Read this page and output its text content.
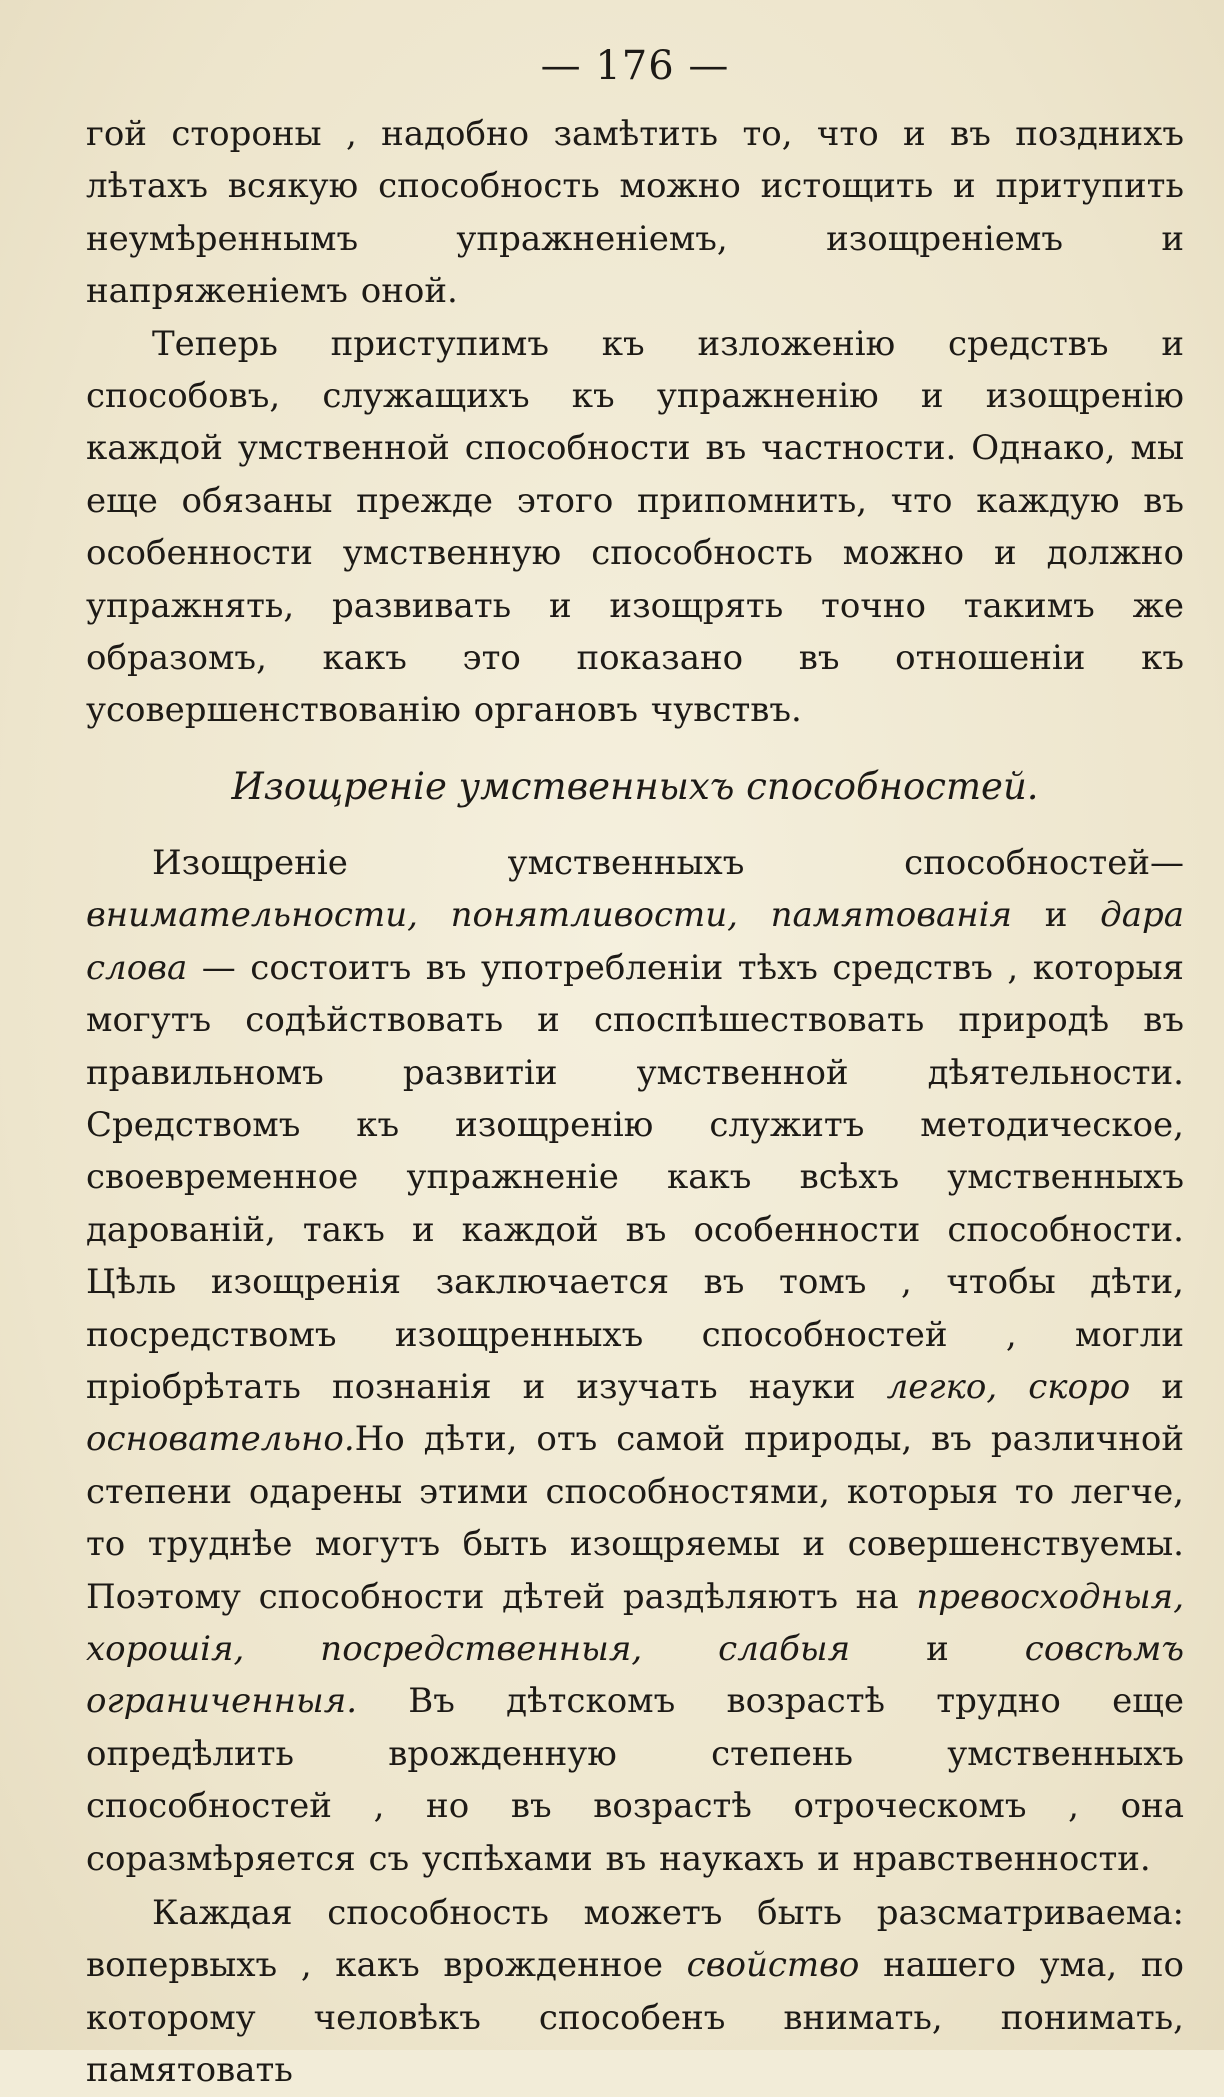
— 176 —

гой стороны , надобно замѣтить то, что и въ позднихъ лѣтахъ всякую способность можно истощить и притупить неумѣреннымъ упражненіемъ, изощреніемъ и напряженіемъ оной.

Теперь приступимъ къ изложенію средствъ и способовъ, служащихъ къ упражненію и изощренію каждой умственной способности въ частности. Однако, мы еще обязаны прежде этого припомнить, что каждую въ особенности умственную способность можно и должно упражнять, развивать и изощрять точно такимъ же образомъ, какъ это показано въ отношеніи къ усовершенствованію органовъ чувствъ.

Изощреніе умственныхъ способностей.

Изощреніе умственныхъ способностей—внимательности, понятливости, памятованія и дара слова — состоитъ въ употребленіи тѣхъ средствъ , которыя могутъ содѣйствовать и споспѣшествовать природѣ въ правильномъ развитіи умственной дѣятельности. Средствомъ къ изощренію служитъ методическое, своевременное упражненіе какъ всѣхъ умственныхъ дарованій, такъ и каждой въ особенности способности. Цѣль изощренія заключается въ томъ , чтобы дѣти, посредствомъ изощренныхъ способностей , могли пріобрѣтать познанія и изучать науки легко, скоро и основательно.Но дѣти, отъ самой природы, въ различной степени одарены этими способностями, которыя то легче, то труднѣе могутъ быть изощряемы и совершенствуемы. Поэтому способности дѣтей раздѣляютъ на превосходныя, хорошія, посредственныя, слабыя и совсѣмъ ограниченныя. Въ дѣтскомъ возрастѣ трудно еще опредѣлить врожденную степень умственныхъ способностей , но въ возрастѣ отроческомъ , она соразмѣряется съ успѣхами въ наукахъ и нравственности.

Каждая способность можетъ быть разсматриваема: вопервыхъ , какъ врожденное свойство нашего ума, по которому человѣкъ способенъ внимать, понимать, памятовать
